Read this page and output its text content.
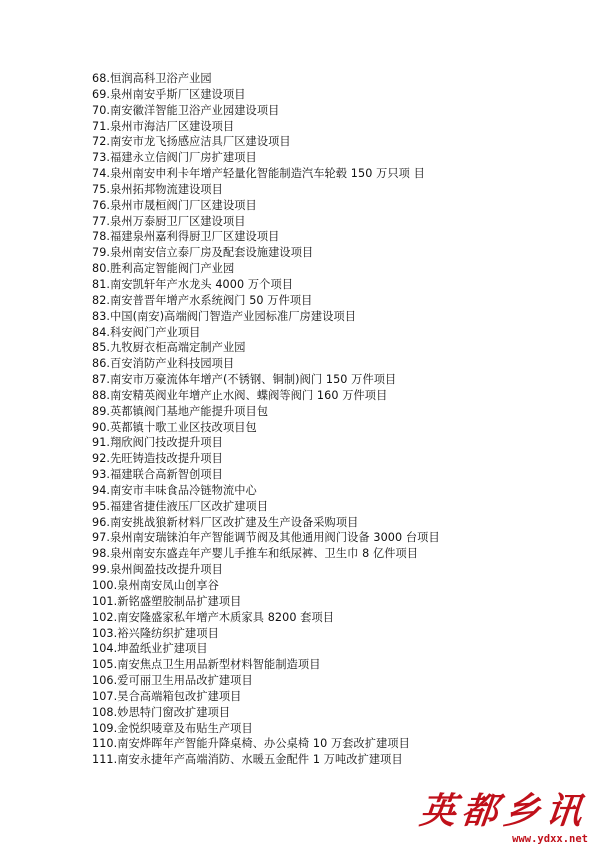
68.恒润高科卫浴产业园
69.泉州南安乎斯厂区建设项目
70.南安徽洋智能卫浴产业园建设项目
71.泉州市海洁厂区建设项目
72.南安市龙飞扬感应洁具厂区建设项目
73.福建永立信阀门厂房扩建项目
74.泉州南安申利卡年增产轻量化智能制造汽车轮毂 150 万只项 目
75.泉州拓邦物流建设项目
76.泉州市晟桓阀门厂区建设项目
77.泉州万泰厨卫厂区建设项目
78.福建泉州嘉利得厨卫厂区建设项目
79.泉州南安信立泰厂房及配套设施建设项目
80.胜利高定智能阀门产业园
81.南安凯轩年产水龙头 4000 万个项目
82.南安普晋年增产水系统阀门 50 万件项目
83.中国(南安)高端阀门智造产业园标准厂房建设项目
84.科安阀门产业项目
85.九牧厨衣柜高端定制产业园
86.百安消防产业科技园项目
87.南安市万豪流体年增产(不锈钢、铜制)阀门 150 万件项目
88.南安精英阀业年增产止水阀、蝶阀等阀门 160 万件项目
89.英都镇阀门基地产能提升项目包
90.英都镇十歌工业区技改项目包
91.翔欣阀门技改提升项目
92.先旺铸造技改提升项目
93.福建联合高新智创项目
94.南安市丰味食品冷链物流中心
95.福建省捷佳液压厂区改扩建项目
96.南安挑战狼新材料厂区改扩建及生产设备采购项目
97.泉州南安瑞铼泊年产智能调节阀及其他通用阀门设备 3000 台项目
98.泉州南安东盛垚年产婴儿手推车和纸尿裤、卫生巾 8 亿件项目
99.泉州闽盈技改提升项目
100.泉州南安凤山创享谷
101.新铭盛塑胶制品扩建项目
102.南安隆盛家私年增产木质家具 8200 套项目
103.裕兴隆纺织扩建项目
104.坤盈纸业扩建项目
105.南安焦点卫生用品新型材料智能制造项目
106.爱可丽卫生用品改扩建项目
107.昊合高端箱包改扩建项目
108.妙思特门窗改扩建项目
109.金悦织唛章及布贴生产项目
110.南安烨晖年产智能升降桌椅、办公桌椅 10 万套改扩建项目
111.南安永捷年产高端消防、水暖五金配件 1 万吨改扩建项目
英都乡讯
www.ydxx.net
